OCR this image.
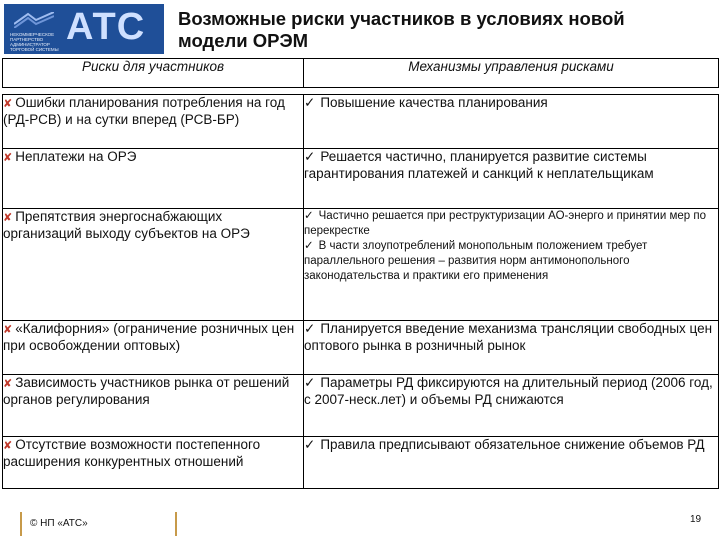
НЕКОММЕРЧЕСКОЕ ПАРТНЕРСТВО АДМИНИСТРАТОР ТОРГОВОЙ СИСТЕМЫ
АТС Возможные риски участников в условиях новой модели ОРЭМ
Риски для участников	Механизмы управления рисками

✘ Ошибки планирования потребления на год (РД-РСВ) и на сутки вперед (РСВ-БР)	✓ Повышение качества планирования

✘ Неплатежи на ОРЭ	✓ Решается частично, планируется развитие системы гарантирования платежей и санкций к неплательщикам

✘ Препятствия энергоснабжающих организаций выходу субъектов на ОРЭ	✓ Частично решается при реструктуризации АО-энерго и принятии мер по перекрестке
✓ В части злоупотреблений монопольным положением требует параллельного решения – развития норм антимонопольного законодательства и практики его применения

✘ «Калифорния» (ограничение розничных цен при освобождении оптовых)	✓ Планируется введение механизма трансляции свободных цен оптового рынка в розничный рынок

✘ Зависимость участников рынка от решений органов регулирования	✓ Параметры РД фиксируются на длительный период (2006 год, с 2007-неск.лет) и объемы РД снижаются

✘ Отсутствие возможности постепенного расширения конкурентных отношений	✓ Правила предписывают обязательное снижение объемов РД
© НП «АТС»	19
